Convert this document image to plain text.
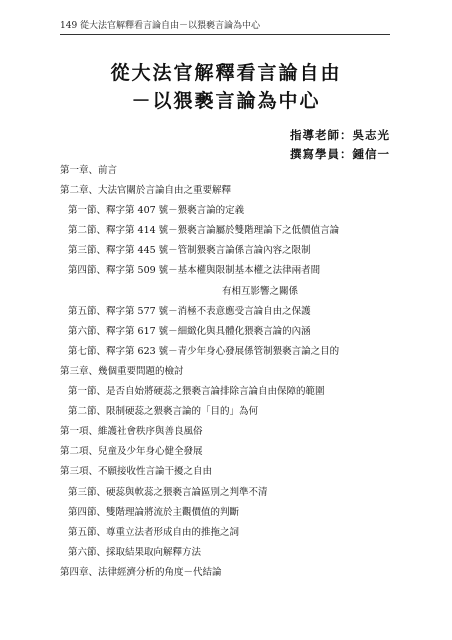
149 從大法官解釋看言論自由－以猥褻言論為中心
從大法官解釋看言論自由
－以猥褻言論為中心
指導老師：吳志光
撰寫學員：鍾信一
第一章、前言
第二章、大法官關於言論自由之重要解釋
第一節、釋字第 407 號－猥褻言論的定義
第二節、釋字第 414 號－猥褻言論屬於雙階理論下之低價值言論
第三節、釋字第 445 號－管制猥褻言論係言論內容之限制
第四節、釋字第 509 號－基本權與限制基本權之法律兩者間
有相互影響之關係
第五節、釋字第 577 號－消極不表意應受言論自由之保護
第六節、釋字第 617 號－細緻化與具體化猥褻言論的內涵
第七節、釋字第 623 號－青少年身心發展係管制猥褻言論之目的
第三章、幾個重要問題的檢討
第一節、是否自始將硬蕊之猥褻言論排除言論自由保障的範圍
第二節、限制硬蕊之猥褻言論的「目的」為何
第一項、維護社會秩序與善良風俗
第二項、兒童及少年身心健全發展
第三項、不願接收性言論干擾之自由
第三節、硬蕊與軟蕊之猥褻言論區別之判準不清
第四節、雙階理論將流於主觀價值的判斷
第五節、尊重立法者形成自由的推拖之詞
第六節、採取結果取向解釋方法
第四章、法律經濟分析的角度－代結論
